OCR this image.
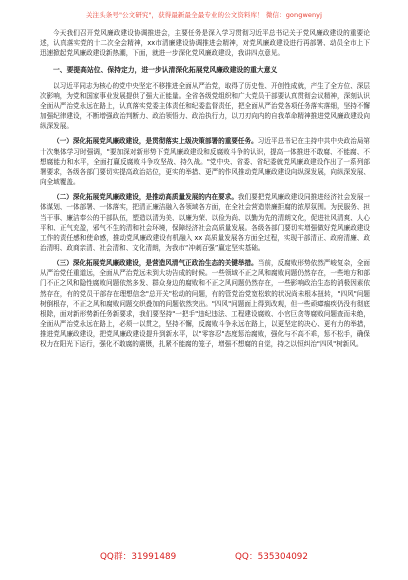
关注头条号"公文研究"，获得最新最全最专业的公文资料库！ 微信：gongwenyj

今天我们召开党风廉政建设协调推进会，主要任务是深入学习贯彻习近平总书记关于党风廉政建设的重要论述，认真落实党的十二次全会精神，xx市清廉建设协调推进会精神，对党风廉政建设进行再部署、动员全市上下迅速掀起党风廉政建设新热潮，下面，就进一步深化党风廉政建设，我讲四点意见。

一、要提高站位、保持定力，进一步认清深化拓展党风廉政建设的重大意义

以习近平同志为核心的党中央坚定不移推进全面从严治党，取得了历史性、开创性成就，产生了全方位、深层次影响，为党和国家事业发展提供了强大正能量。全省各级党组织和广大党员干部要认真贯彻会议精神，深刻认识全面从严治党永远在路上，认真落实党委主体责任和纪委监督责任，把全面从严治党各项任务落实落细，坚持不懈加强纪律建设，不断增强政治判断力、政治领悟力、政治执行力，以刀刃向内的自我革命精神推进党风廉政建设向纵深发展。

（一）深化拓展党风廉政建设，是贯彻落实上级决策部署的重要任务。习近平总书记在主持中共中央政治局第十次集体学习时强调，"要加深对新形势下党风廉政建设和反腐败斗争的认识，提高一体推进不敢腐、不能腐、不想腐能力和水平，全面打赢反腐败斗争攻坚战、持久战。"党中央、省委、省纪委就党风廉政建设作出了一系列部署要求，各级各部门要切实提高政治站位，更实的举措、更严的作风推动党风廉政建设向纵深发展，向纵深发展、向全域覆盖。

（二）深化拓展党风廉政建设，是推动高质量发展的内在要求。我们要把党风廉政建设同推进经济社会发展一体谋划、一体部署、一体落实，把清正廉洁融入各领域各方面，在全社会营造崇廉拒腐的浓厚氛围。为民服务、担当干事、廉洁奉公的干部队伍，塑造以清为美、以廉为荣、以俭为尚、以勤为先的清朗文化，促进社风清爽、人心平和、正气充盈，邪气不生的清和社会环境，保障经济社会高质量发展。各级各部门要切实增强做好党风廉政建设工作的责任感和使命感，推动党风廉政建设有机融入 xx 高质量发展各方面全过程，实现干部清正、政府清廉、政治清明、政商亲清、社会清和、文化清朗，为我市“冲刺百强”赢定坚实基础。

（三）深化拓展党风廉政建设，是营造风清气正政治生态的关键举措。当前，反腐败形势依然严峻复杂，全面从严治党任重道远，全面从严治党远未到大功告成的时候。一些领域不正之风和腐败问题仍然存在，一些地方和部门不正之风和隐性腐败问题依然多发、群众身边的腐败和不正之风问题仍然存在，一些影响政治生态的消极因素依然存在，有的党员干部存在理想信念"总开关"松动的问题，有的管党治党宽松软的状况尚未根本扭转，"四风"问题树倒根存，不正之风和腐败问题交织叠加的问题依然突出。"四风"问题面上得到改观，但一些顽瘴痼疾仍没有彻底根除，面对新形势新任务新要求，我们要坚持"一把手"违纪违法、工程建设腐败、小官巨贪等腐败问题查而未绝，全面从严治党永远在路上，必须一以贯之，坚持不懈，反腐败斗争永远在路上，以更坚定的决心、更有力的举措，推进党风廉政建设，把党风廉政建设提升到新水平，以"零容忍"态度惩治腐败，强化与不高不乖，惩不松手，确保权力在阳光下运行，强化不敢腐的震慑，扎紧不能腐的笼子，增强不想腐的自觉，持之以恒纠治"四风"树新风。

QQ群：31991489	QQ：535304092
